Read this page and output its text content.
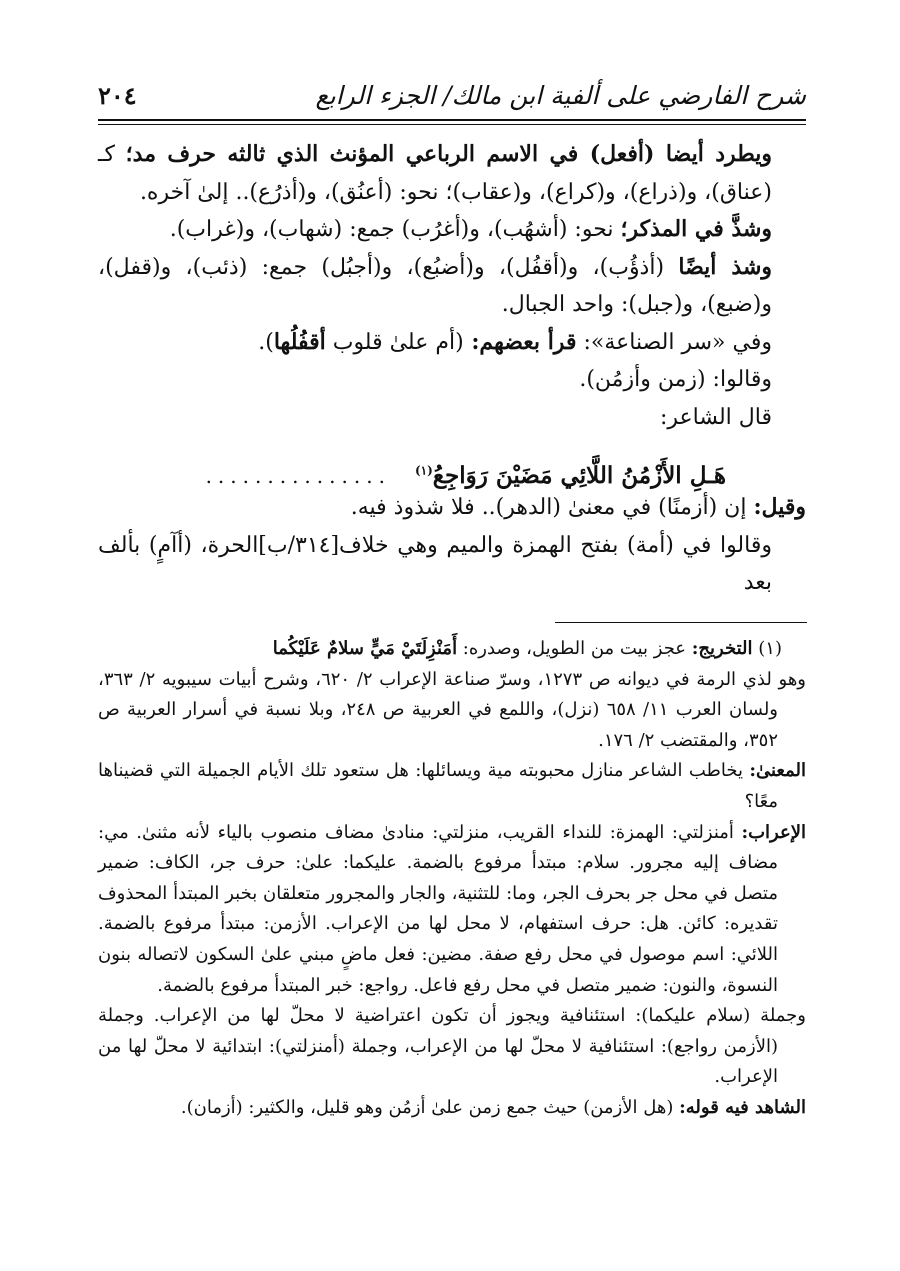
شرح الفارضي على ألفية ابن مالك/ الجزء الرابع
٢٠٤

ويطرد أيضا (أفعل) في الاسم الرباعي المؤنث الذي ثالثه حرف مد؛ كـ (عناق)، و(ذراع)، و(كراع)، و(عقاب)؛ نحو: (أعنُق)، و(أذرُع).. إلىٰ آخره.

وشذَّ في المذكر؛ نحو: (أشهُب)، و(أغرُب) جمع: (شهاب)، و(غراب).

وشذ أيضًا (أذؤُب)، و(أقفُل)، و(أضبُع)، و(أجبُل) جمع: (ذئب)، و(قفل)، و(ضبع)، و(جبل): واحد الجبال.

وفي «سر الصناعة»: قرأ بعضهم: (أم علىٰ قلوب أقفُلُها).

وقالوا: (زمن وأزمُن).

قال الشاعر:

هَـلِ الأَزْمُنُ اللَّائِي مَضَيْنَ رَوَاجِعُ$^{(١)}$
...............

وقيل: إن (أزمنًا) في معنىٰ (الدهر).. فلا شذوذ فيه.

وقالوا في (أمة) بفتح الهمزة والميم وهي خلاف[٣١٤/ب]الحرة، (أآمٍ) بألف بعد

(١) التخريج: عجز بيت من الطويل، وصدره: أَمَنْزِلَتَيْ مَيٍّ سلامٌ عَلَيْكُما

وهو لذي الرمة في ديوانه ص ١٢٧٣، وسرّ صناعة الإعراب ٢/ ٦٢٠، وشرح أبيات سيبويه ٢/ ٣٦٣، ولسان العرب ١١/ ٦٥٨ (نزل)، واللمع في العربية ص ٢٤٨، وبلا نسبة في أسرار العربية ص ٣٥٢، والمقتضب ٢/ ١٧٦.

المعنىٰ: يخاطب الشاعر منازل محبوبته مية ويسائلها: هل ستعود تلك الأيام الجميلة التي قضيناها معًا؟

الإعراب: أمنزلتي: الهمزة: للنداء القريب، منزلتي: منادىٰ مضاف منصوب بالياء لأنه مثنىٰ. مي: مضاف إليه مجرور. سلام: مبتدأ مرفوع بالضمة. عليكما: علىٰ: حرف جر، الكاف: ضمير متصل في محل جر بحرف الجر، وما: للتثنية، والجار والمجرور متعلقان بخبر المبتدأ المحذوف تقديره: كائن. هل: حرف استفهام، لا محل لها من الإعراب. الأزمن: مبتدأ مرفوع بالضمة. اللائي: اسم موصول في محل رفع صفة. مضين: فعل ماضٍ مبني علىٰ السكون لاتصاله بنون النسوة، والنون: ضمير متصل في محل رفع فاعل. رواجع: خبر المبتدأ مرفوع بالضمة.

وجملة (سلام عليكما): استئنافية ويجوز أن تكون اعتراضية لا محلّ لها من الإعراب. وجملة (الأزمن رواجع): استئنافية لا محلّ لها من الإعراب، وجملة (أمنزلتي): ابتدائية لا محلّ لها من الإعراب.

الشاهد فيه قوله: (هل الأزمن) حيث جمع زمن علىٰ أزمُن وهو قليل، والكثير: (أزمان).
